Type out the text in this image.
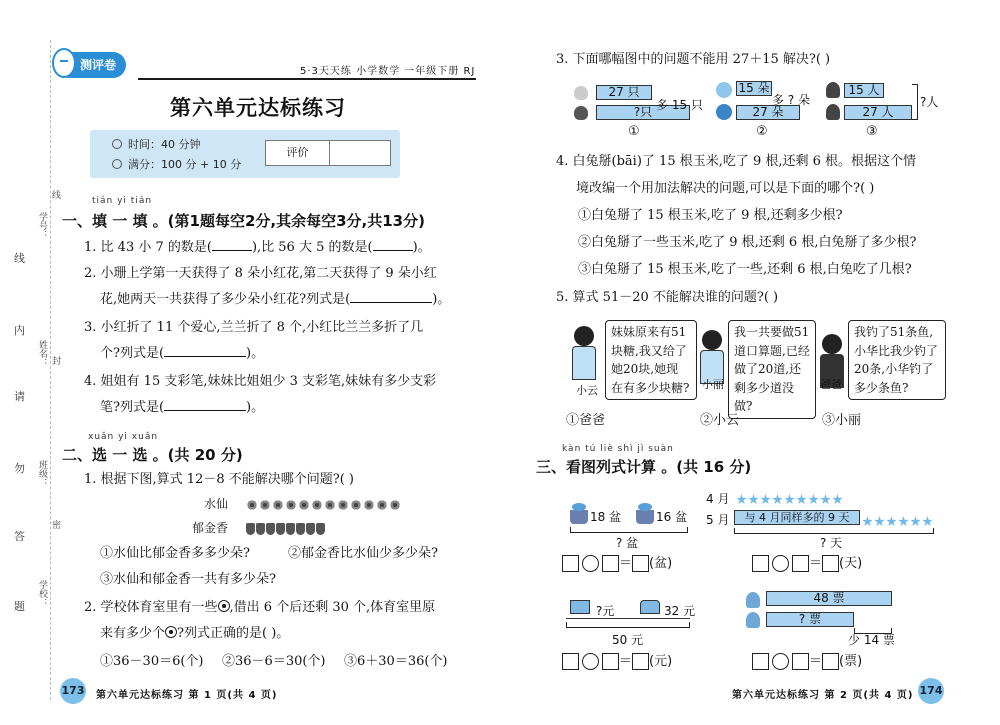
线
内
请
勿
答
题
学号：
姓名：
班级：
学校：
线
封
密
测评卷	5·3天天练 小学数学 一年级下册 RJ
第六单元达标练习
时间：40 分钟
满分：100 分 + 10 分
评价
tián yi tián
一、填 一 填 。(第1题每空2分,其余每空3分,共13分)
1. 比 43 小 7 的数是(	),比 56 大 5 的数是(	)。
2. 小珊上学第一天获得了 8 朵小红花,第二天获得了 9 朵小红
花,她两天一共获得了多少朵小红花?列式是(	)。
3. 小红折了 11 个爱心,兰兰折了 8 个,小红比兰兰多折了几
个?列式是(	)。
4. 姐姐有 15 支彩笔,妹妹比姐姐少 3 支彩笔,妹妹有多少支彩
笔?列式是(	)。
xuǎn yi xuǎn
二、选 一 选 。(共 20 分)
1. 根据下图,算式 12－8 不能解决哪个问题?( )
水仙
郁金香
①水仙比郁金香多多少朵?	②郁金香比水仙少多少朵?
③水仙和郁金香一共有多少朵?
2. 学校体育室里有一些 ,借出 6 个后还剩 30 个,体育室里原
来有多少个 ?列式正确的是( )。
①36－30＝6(个) ②36－6＝30(个) ③6＋30＝36(个)
173 第六单元达标练习 第 1 页(共 4 页)
3. 下面哪幅图中的问题不能用 27＋15 解决?( )
27 只
?只 多 15 只
①
15 朵
27 朵
多 ? 朵
②
15 人
27 人
?人
③
4. 白兔掰(bāi)了 15 根玉米,吃了 9 根,还剩 6 根。根据这个情
境改编一个用加法解决的问题,可以是下面的哪个?( )
①白兔掰了 15 根玉米,吃了 9 根,还剩多少根?
②白兔掰了一些玉米,吃了 9 根,还剩 6 根,白兔掰了多少根?
③白兔掰了 15 根玉米,吃了一些,还剩 6 根,白兔吃了几根?
5. 算式 51－20 不能解决谁的问题?( )
小云
妹妹原来有51
块糖,我又给了
她20块,她现
在有多少块糖? 小丽
我一共要做51
道口算题,已经
做了20道,还
剩多少道没做?
爸爸
我钓了51条鱼,
小华比我少钓了
20条,小华钓了
多少条鱼?
①爸爸	②小云	③小丽
kàn tú liè shì jì suàn
三、看图列式计算 。(共 16 分)
18 盆	16 盆
? 盆
＝ (盆)
4 月
5 月	与 4 月同样多的 9 天
? 天
＝ (天)
?元	32 元
50 元
＝ (元)
48 票
? 票
少 14 票
＝ (票)
第六单元达标练习 第 2 页(共 4 页) 174
